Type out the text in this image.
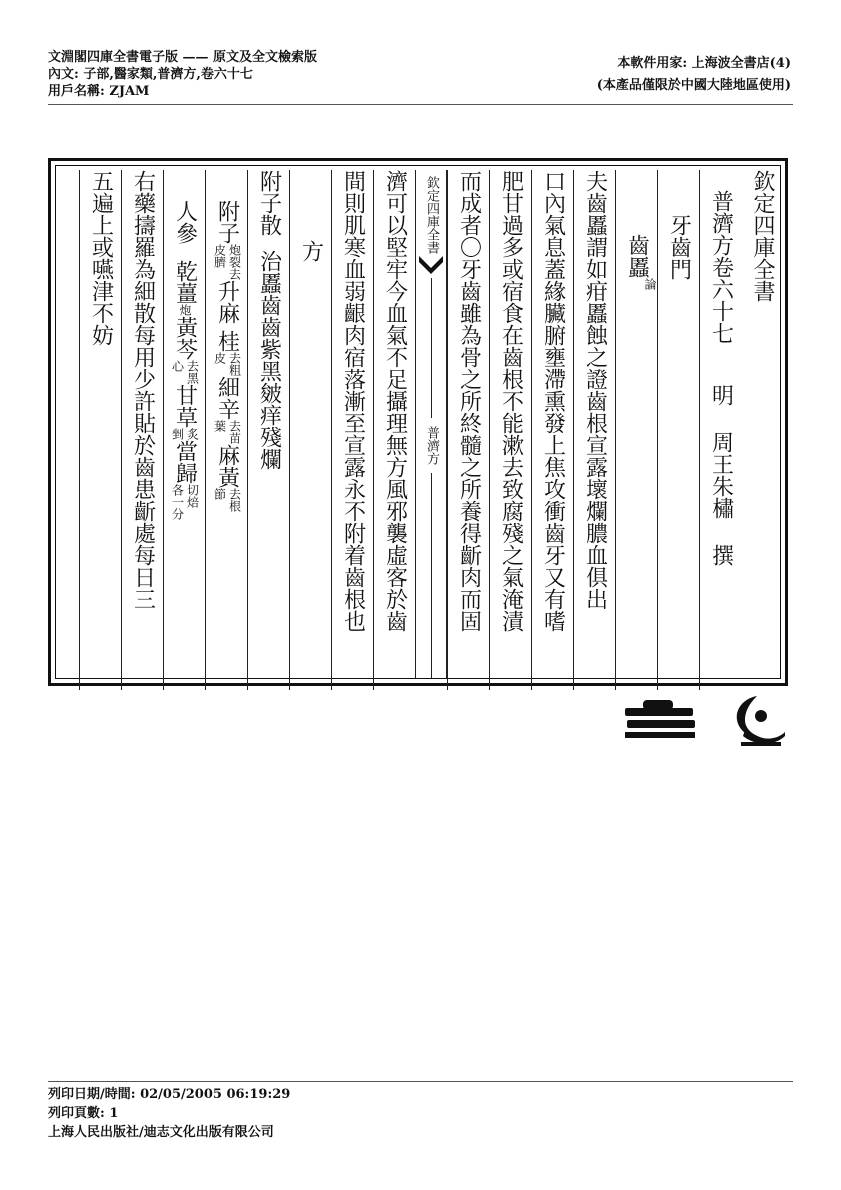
文淵閣四庫全書電子版 —— 原文及全文檢索版
內文: 子部,醫家類,普濟方,卷六十七
用戶名稱: ZJAM
本軟件用家: 上海波全書店(4)
(本產品僅限於中國大陸地區使用)
欽定四庫全書
普濟方卷六十七
明 周王朱橚 撰
牙齒門
齒䘌
論
夫齒䘌謂如疳䘌蝕之證齒根宣露壞爛膿血俱出
口內氣息蓋緣臟腑壅滯熏發上焦攻衝齒牙又有嗜
肥甘過多或宿食在齒根不能漱去致腐殘之氣淹漬
而成者〇牙齒雖為骨之所終髓之所養得齗肉而固
欽定四庫全書
普濟方
濟可以堅牢今血氣不足攝理無方風邪襲虛客於齒
間則肌寒血弱齦肉宿落漸至宣露永不附着齒根也
方
附子散
治䘌齒齒紫黑皴痒殘爛
附子
炮裂去
皮臍
升麻
桂
去粗
皮
細辛
去苗
葉
麻黃
去根
節
人參
乾薑
炮
黃芩
去黑
心
甘草
炙
剉
當歸
切焙
各一分
右藥擣羅為細散每用少許貼於齒患齗處每日三
五遍上或嚥津不妨
列印日期/時間: 02/05/2005 06:19:29
列印頁數: 1
上海人民出版社/迪志文化出版有限公司
